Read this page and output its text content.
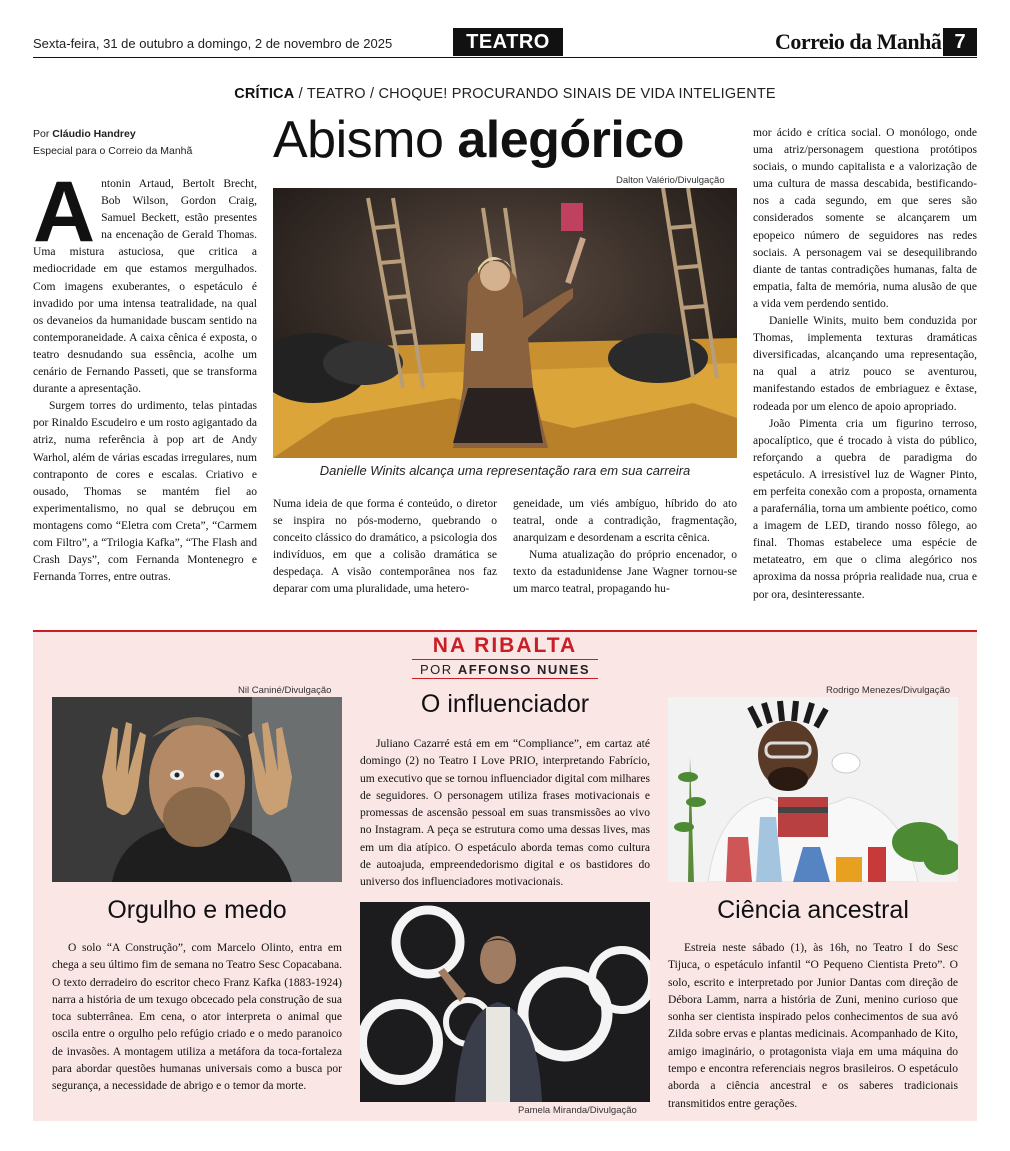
Sexta-feira, 31 de outubro a domingo, 2 de novembro de 2025	TEATRO	Correio da Manhã 7
CRÍTICA / TEATRO / CHOQUE! PROCURANDO SINAIS DE VIDA INTELIGENTE
Por Cláudio Handrey
Especial para o Correio da Manhã Abismo alegórico

Antonin Artaud, Bertolt Brecht, Bob Wilson, Gordon Craig, Samuel Beckett, estão presentes na encenação de Gerald Thomas. Uma mistura astuciosa, que critica a mediocridade em que estamos mergulhados. Com imagens exuberantes, o espetáculo é invadido por uma intensa teatralidade, na qual os devaneios da humanidade buscam sentido na contemporaneidade. A caixa cênica é exposta, o teatro desnudando sua essência, acolhe um cenário de Fernando Passeti, que se transforma durante a apresentação.

Surgem torres do urdimento, telas pintadas por Rinaldo Escudeiro e um rosto agigantado da atriz, numa referência à pop art de Andy Warhol, além de várias escadas irregulares, num contraponto de cores e escalas. Criativo e ousado, Thomas se mantém fiel ao experimentalismo, no qual se debruçou em montagens como “Eletra com Creta”, “Carmem com Filtro”, a “Trilogia Kafka”, “The Flash and Crash Days”, com Fernanda Montenegro e Fernanda Torres, entre outras.

Dalton Valério/Divulgação
Danielle Winits alcança uma representação rara em sua carreira

Numa ideia de que forma é conteúdo, o diretor se inspira no pós-moderno, quebrando o conceito clássico do dramático, a psicologia dos indivíduos, em que a colisão dramática se despedaça. A visão contemporânea nos faz deparar com uma pluralidade, uma hetero-

geneidade, um viés ambíguo, híbrido do ato teatral, onde a contradição, fragmentação, anarquizam e desordenam a escrita cênica.

Numa atualização do próprio encenador, o texto da estadunidense Jane Wagner tornou-se um marco teatral, propagando hu-

mor ácido e crítica social. O monólogo, onde uma atriz/personagem questiona protótipos sociais, o mundo capitalista e a valorização de uma cultura de massa descabida, bestificando-nos a cada segundo, em que seres são considerados somente se alcançarem um epopeico número de seguidores nas redes sociais. A personagem vai se desequilibrando diante de tantas contradições humanas, falta de empatia, falta de memória, numa alusão de que a vida vem perdendo sentido.

Danielle Winits, muito bem conduzida por Thomas, implementa texturas dramáticas diversificadas, alcançando uma representação, na qual a atriz pouco se aventurou, manifestando estados de embriaguez e êxtase, rodeada por um elenco de apoio apropriado.

João Pimenta cria um figurino terroso, apocalíptico, que é trocado à vista do público, reforçando a quebra de paradigma do espetáculo. A irresistível luz de Wagner Pinto, em perfeita conexão com a proposta, ornamenta a parafernália, torna um ambiente poético, como a imagem de LED, tirando nosso fôlego, ao final. Thomas estabelece uma espécie de metateatro, em que o clima alegórico nos aproxima da nossa própria realidade nua, crua e por ora, desinteressante.

NA RIBALTA
POR AFFONSO NUNES
Nil Caniné/Divulgação
Orgulho e medo

O solo “A Construção”, com Marcelo Olinto, entra em chega a seu último fim de semana no Teatro Sesc Copacabana. O texto derradeiro do escritor checo Franz Kafka (1883-1924) narra a história de um texugo obcecado pela construção de sua toca subterrânea. Em cena, o ator interpreta o animal que oscila entre o orgulho pelo refúgio criado e o medo paranoico de invasões. A montagem utiliza a metáfora da toca-fortaleza para abordar questões humanas universais como a busca por segurança, a necessidade de abrigo e o temor da morte.

O influenciador

Juliano Cazarré está em em “Compliance”, em cartaz até domingo (2) no Teatro I Love PRIO, interpretando Fabrício, um executivo que se tornou influenciador digital com milhares de seguidores. O personagem utiliza frases motivacionais e promessas de ascensão pessoal em suas transmissões ao vivo no Instagram. A peça se estrutura como uma dessas lives, mas em um dia atípico. O espetáculo aborda temas como cultura de autoajuda, empreendedorismo digital e os bastidores do universo dos influenciadores motivacionais.

Pamela Miranda/Divulgação
Rodrigo Menezes/Divulgação
Ciência ancestral

Estreia neste sábado (1), às 16h, no Teatro I do Sesc Tijuca, o espetáculo infantil “O Pequeno Cientista Preto”. O solo, escrito e interpretado por Junior Dantas com direção de Débora Lamm, narra a história de Zuni, menino curioso que sonha ser cientista inspirado pelos conhecimentos de sua avó Zilda sobre ervas e plantas medicinais. Acompanhado de Kito, amigo imaginário, o protagonista viaja em uma máquina do tempo e encontra referenciais negros brasileiros. O espetáculo aborda a ciência ancestral e os saberes tradicionais transmitidos entre gerações.
